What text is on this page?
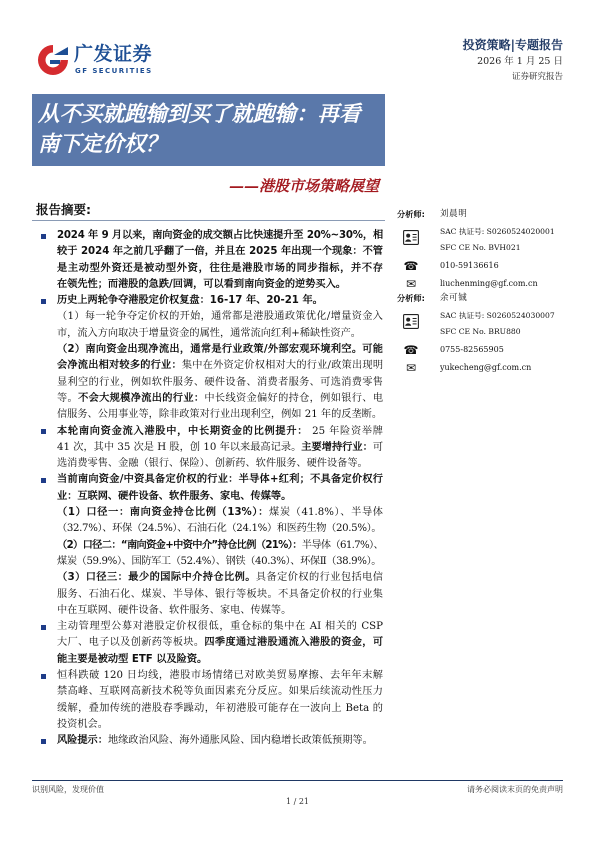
广发证券
GF SECURITIES
投资策略|专题报告
2026 年 1 月 25 日
证券研究报告
从不买就跑输到买了就跑输：再看
南下定价权？
——港股市场策略展望
报告摘要:
2024 年 9 月以来，南向资金的成交额占比快速提升至 20%~30%，相
较于 2024 年之前几乎翻了一倍，并且在 2025 年出现一个现象：不管
是主动型外资还是被动型外资，往往是港股市场的同步指标，并不存
在领先性；而港股的急跌/回调，可以看到南向资金的逆势买入。
历史上两轮争夺港股定价权复盘：16-17 年、20-21 年。
（1）每一轮争夺定价权的开始，通常都是港股通政策优化/增量资金入
市，流入方向取决于增量资金的属性，通常流向红利+稀缺性资产。
（2）南向资金出现净流出，通常是行业政策/外部宏观环境利空。可能
会净流出相对较多的行业：集中在外资定价权相对大的行业/政策出现明
显利空的行业，例如软件服务、硬件设备、消费者服务、可选消费零售
等。不会大规模净流出的行业：中长线资金偏好的持仓，例如银行、电
信服务、公用事业等，除非政策对行业出现利空，例如 21 年的反垄断。
本轮南向资金流入港股中，中长期资金的比例提升： 25 年险资举牌
41 次，其中 35 次是 H 股，创 10 年以来最高记录。主要增持行业：可
选消费零售、金融（银行、保险）、创新药、软件服务、硬件设备等。
当前南向资金/中资具备定价权的行业：半导体+红利；不具备定价权行
业：互联网、硬件设备、软件服务、家电、传媒等。
（1）口径一：南向资金持仓比例（13%）：煤炭（41.8%）、半导体
（32.7%）、环保（24.5%）、石油石化（24.1%）和医药生物（20.5%）。
（2）口径二：“南向资金+中资中介”持仓比例（21%）：半导体（61.7%）、
煤炭（59.9%）、国防军工（52.4%）、钢铁（40.3%）、环保Ⅱ（38.9%）。
（3）口径三：最少的国际中介持仓比例。具备定价权的行业包括电信
服务、石油石化、煤炭、半导体、银行等板块。不具备定价权的行业集
中在互联网、硬件设备、软件服务、家电、传媒等。
主动管理型公募对港股定价权很低，重仓标的集中在 AI 相关的 CSP
大厂、电子以及创新药等板块。四季度通过港股通流入港股的资金，可
能主要是被动型 ETF 以及险资。
恒科跌破 120 日均线，港股市场情绪已对欧美贸易摩擦、去年年末解
禁高峰、互联网高新技术税等负面因素充分反应。如果后续流动性压力
缓解，叠加传统的港股春季躁动，年初港股可能存在一波向上 Beta 的
投资机会。
风险提示：地缘政治风险、海外通胀风险、国内稳增长政策低预期等。
分析师: 刘晨明
SAC 执证号: S0260524020001
SFC CE No. BVH021
☎	010-59136616
✉	liuchenming@gf.com.cn
分析师: 余可铖
SAC 执证号: S0260524030007
SFC CE No. BRU880
☎	0755-82565905
✉	yukecheng@gf.com.cn
识别风险，发现价值	请务必阅读末页的免责声明
1 / 21
